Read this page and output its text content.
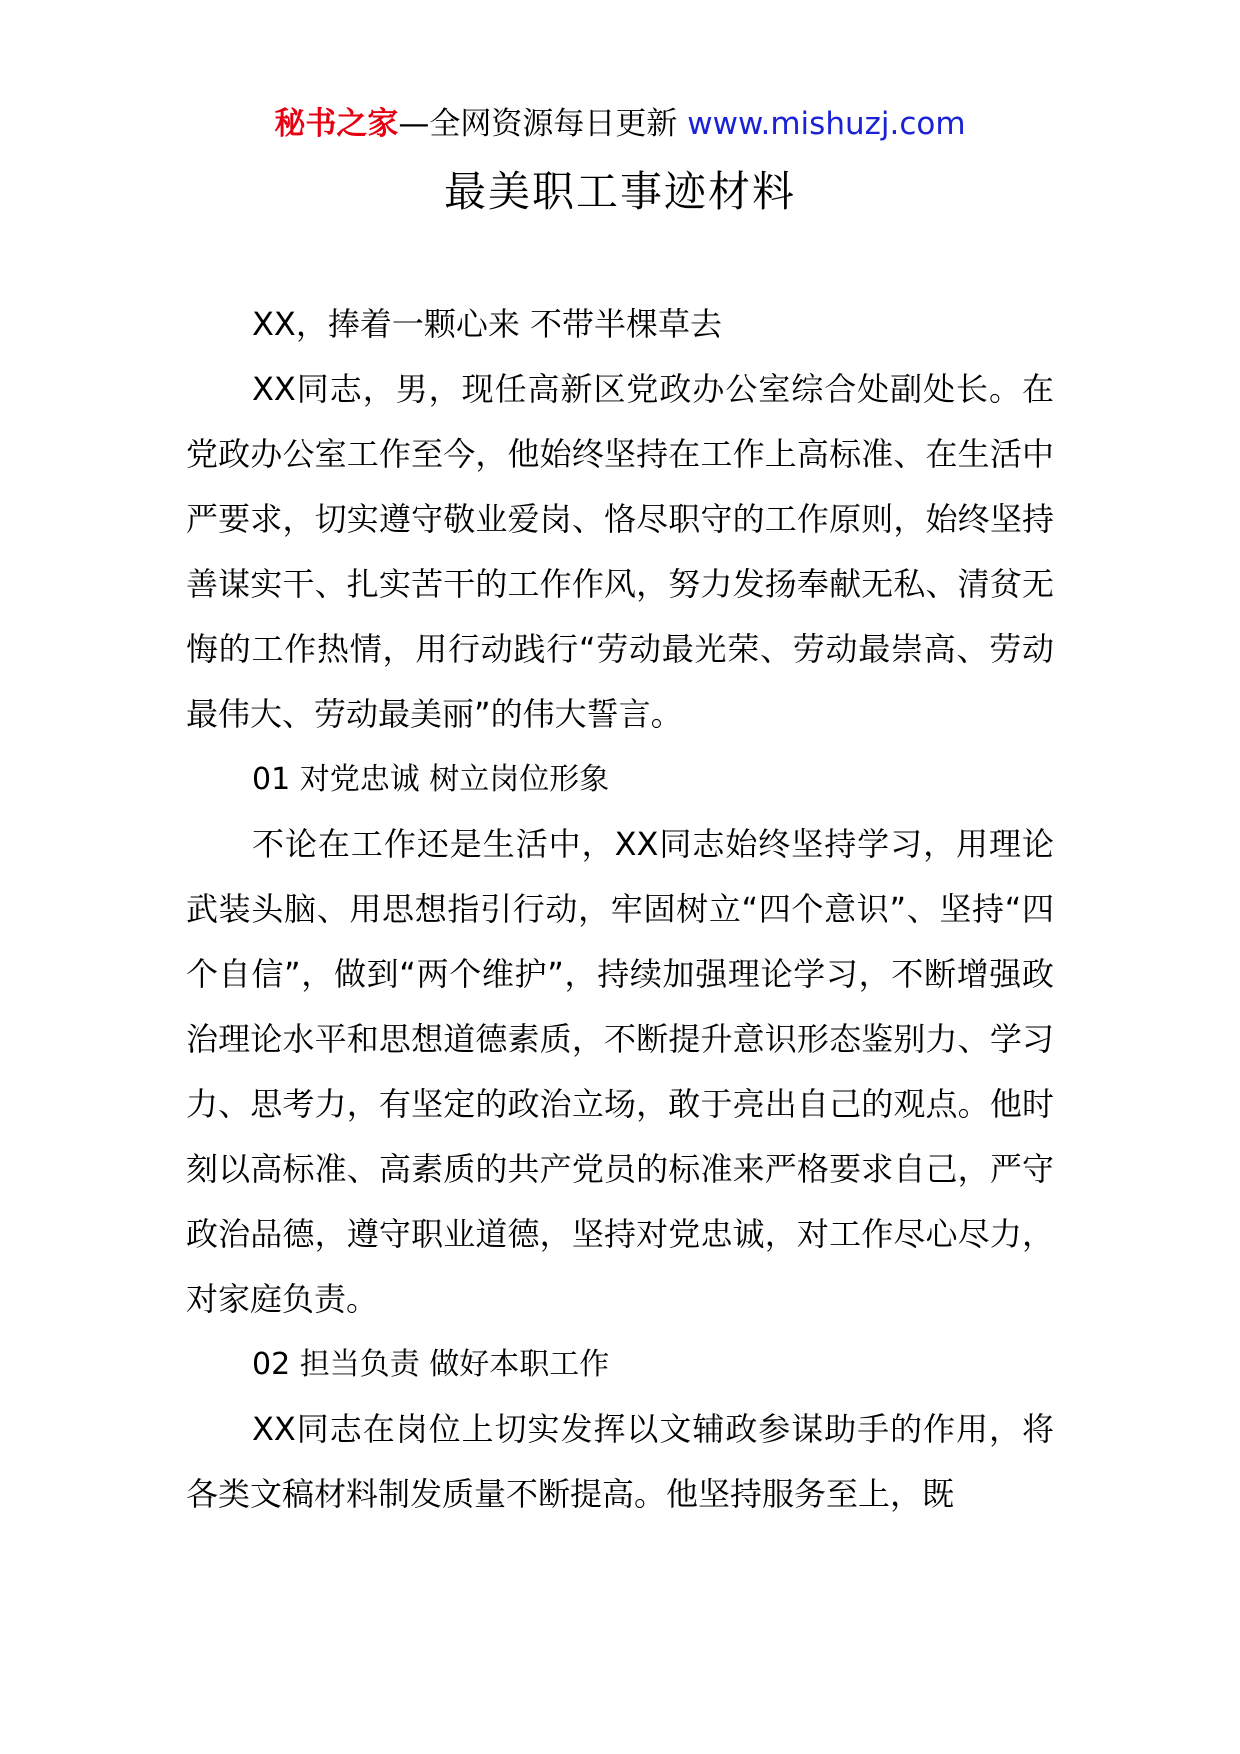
秘书之家—全网资源每日更新 www.mishuzj.com
最美职工事迹材料

XX，捧着一颗心来 不带半棵草去

XX同志，男，现任高新区党政办公室综合处副处长。在党政办公室工作至今，他始终坚持在工作上高标准、在生活中严要求，切实遵守敬业爱岗、恪尽职守的工作原则，始终坚持善谋实干、扎实苦干的工作作风，努力发扬奉献无私、清贫无悔的工作热情，用行动践行“劳动最光荣、劳动最崇高、劳动最伟大、劳动最美丽”的伟大誓言。

01 对党忠诚 树立岗位形象

不论在工作还是生活中，XX同志始终坚持学习，用理论武装头脑、用思想指引行动，牢固树立“四个意识”、坚持“四个自信”，做到“两个维护”，持续加强理论学习，不断增强政治理论水平和思想道德素质，不断提升意识形态鉴别力、学习力、思考力，有坚定的政治立场，敢于亮出自己的观点。他时刻以高标准、高素质的共产党员的标准来严格要求自己，严守政治品德，遵守职业道德，坚持对党忠诚，对工作尽心尽力，对家庭负责。

02 担当负责 做好本职工作

XX同志在岗位上切实发挥以文辅政参谋助手的作用，将各类文稿材料制发质量不断提高。他坚持服务至上，既
